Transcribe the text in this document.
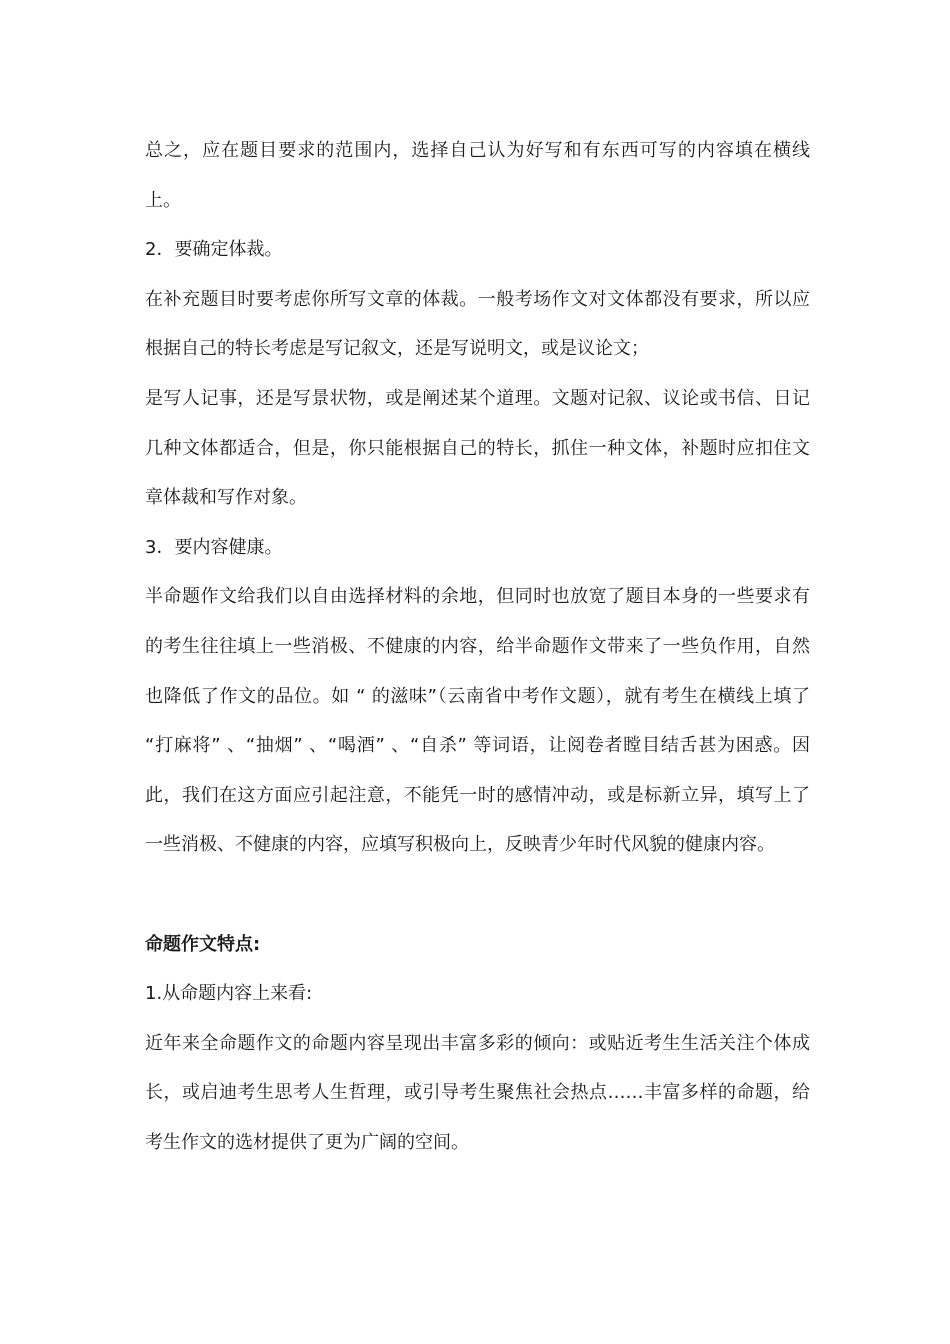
总之，应在题目要求的范围内，选择自己认为好写和有东西可写的内容填在横线上。

2．要确定体裁。

在补充题目时要考虑你所写文章的体裁。一般考场作文对文体都没有要求，所以应根据自己的特长考虑是写记叙文，还是写说明文，或是议论文；

是写人记事，还是写景状物，或是阐述某个道理。文题对记叙、议论或书信、日记几种文体都适合，但是，你只能根据自己的特长，抓住一种文体，补题时应扣住文章体裁和写作对象。

3．要内容健康。

半命题作文给我们以自由选择材料的余地，但同时也放宽了题目本身的一些要求有的考生往往填上一些消极、不健康的内容，给半命题作文带来了一些负作用，自然也降低了作文的品位。如 “ 的滋味”（云南省中考作文题），就有考生在横线上填了 “打麻将” 、“抽烟” 、“喝酒” 、“自杀” 等词语，让阅卷者瞠目结舌甚为困惑。因此，我们在这方面应引起注意，不能凭一时的感情冲动，或是标新立异，填写上了一些消极、不健康的内容，应填写积极向上，反映青少年时代风貌的健康内容。

命题作文特点:

1.从命题内容上来看:

近年来全命题作文的命题内容呈现出丰富多彩的倾向：或贴近考生生活关注个体成长，或启迪考生思考人生哲理，或引导考生聚焦社会热点……丰富多样的命题，给考生作文的选材提供了更为广阔的空间。
